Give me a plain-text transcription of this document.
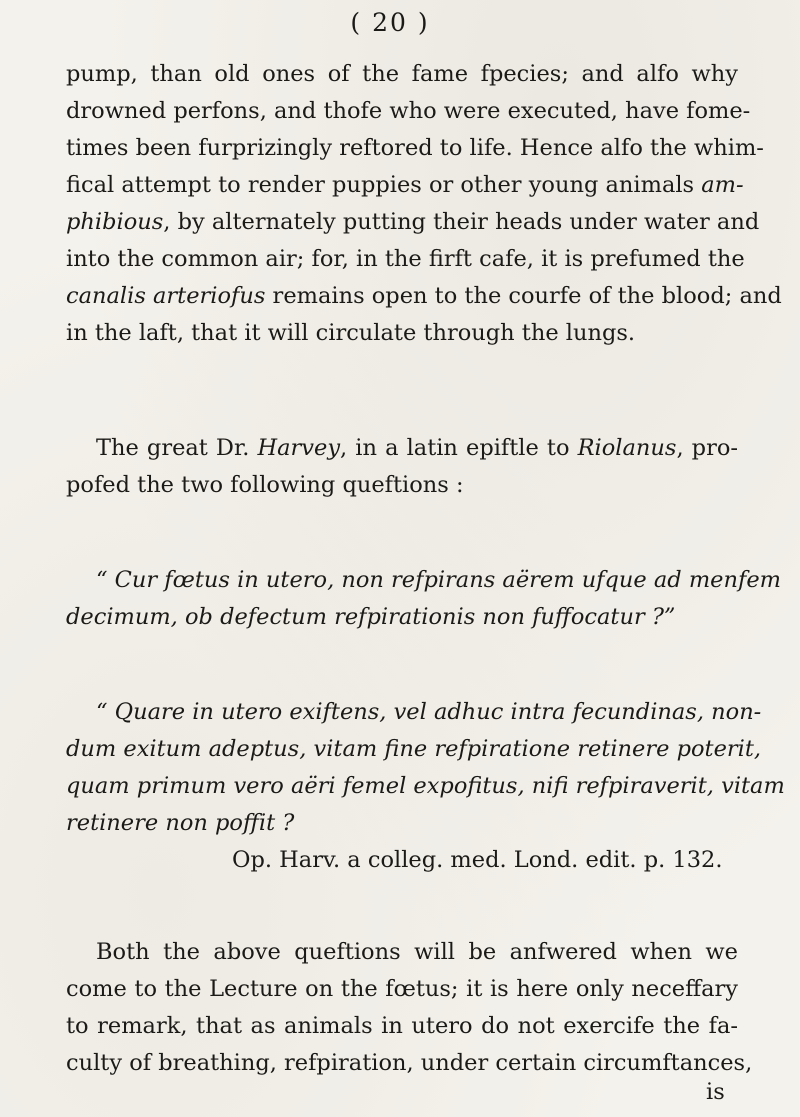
( 20 )
pump, than old ones of the fame fpecies; and alfo why
drowned perfons, and thofe who were executed, have fome-
times been furprizingly reftored to life. Hence alfo the whim-
fical attempt to render puppies or other young animals am-
phibious, by alternately putting their heads under water and
into the common air; for, in the firft cafe, it is prefumed the
canalis arteriofus remains open to the courfe of the blood; and
in the laft, that it will circulate through the lungs.
The great Dr. Harvey, in a latin epiftle to Riolanus, pro-
pofed the two following queftions :
“ Cur fœtus in utero, non refpirans aërem ufque ad menfem
decimum, ob defectum refpirationis non fuffocatur ?”
“ Quare in utero exiftens, vel adhuc intra fecundinas, non-
dum exitum adeptus, vitam fine refpiratione retinere poterit,
quam primum vero aëri femel expofitus, nifi refpiraverit, vitam
retinere non poffit ?
Op. Harv. a colleg. med. Lond. edit. p. 132.
Both the above queftions will be anfwered when we
come to the Lecture on the fœtus; it is here only neceffary
to remark, that as animals in utero do not exercife the fa-
culty of breathing, refpiration, under certain circumftances,
is
